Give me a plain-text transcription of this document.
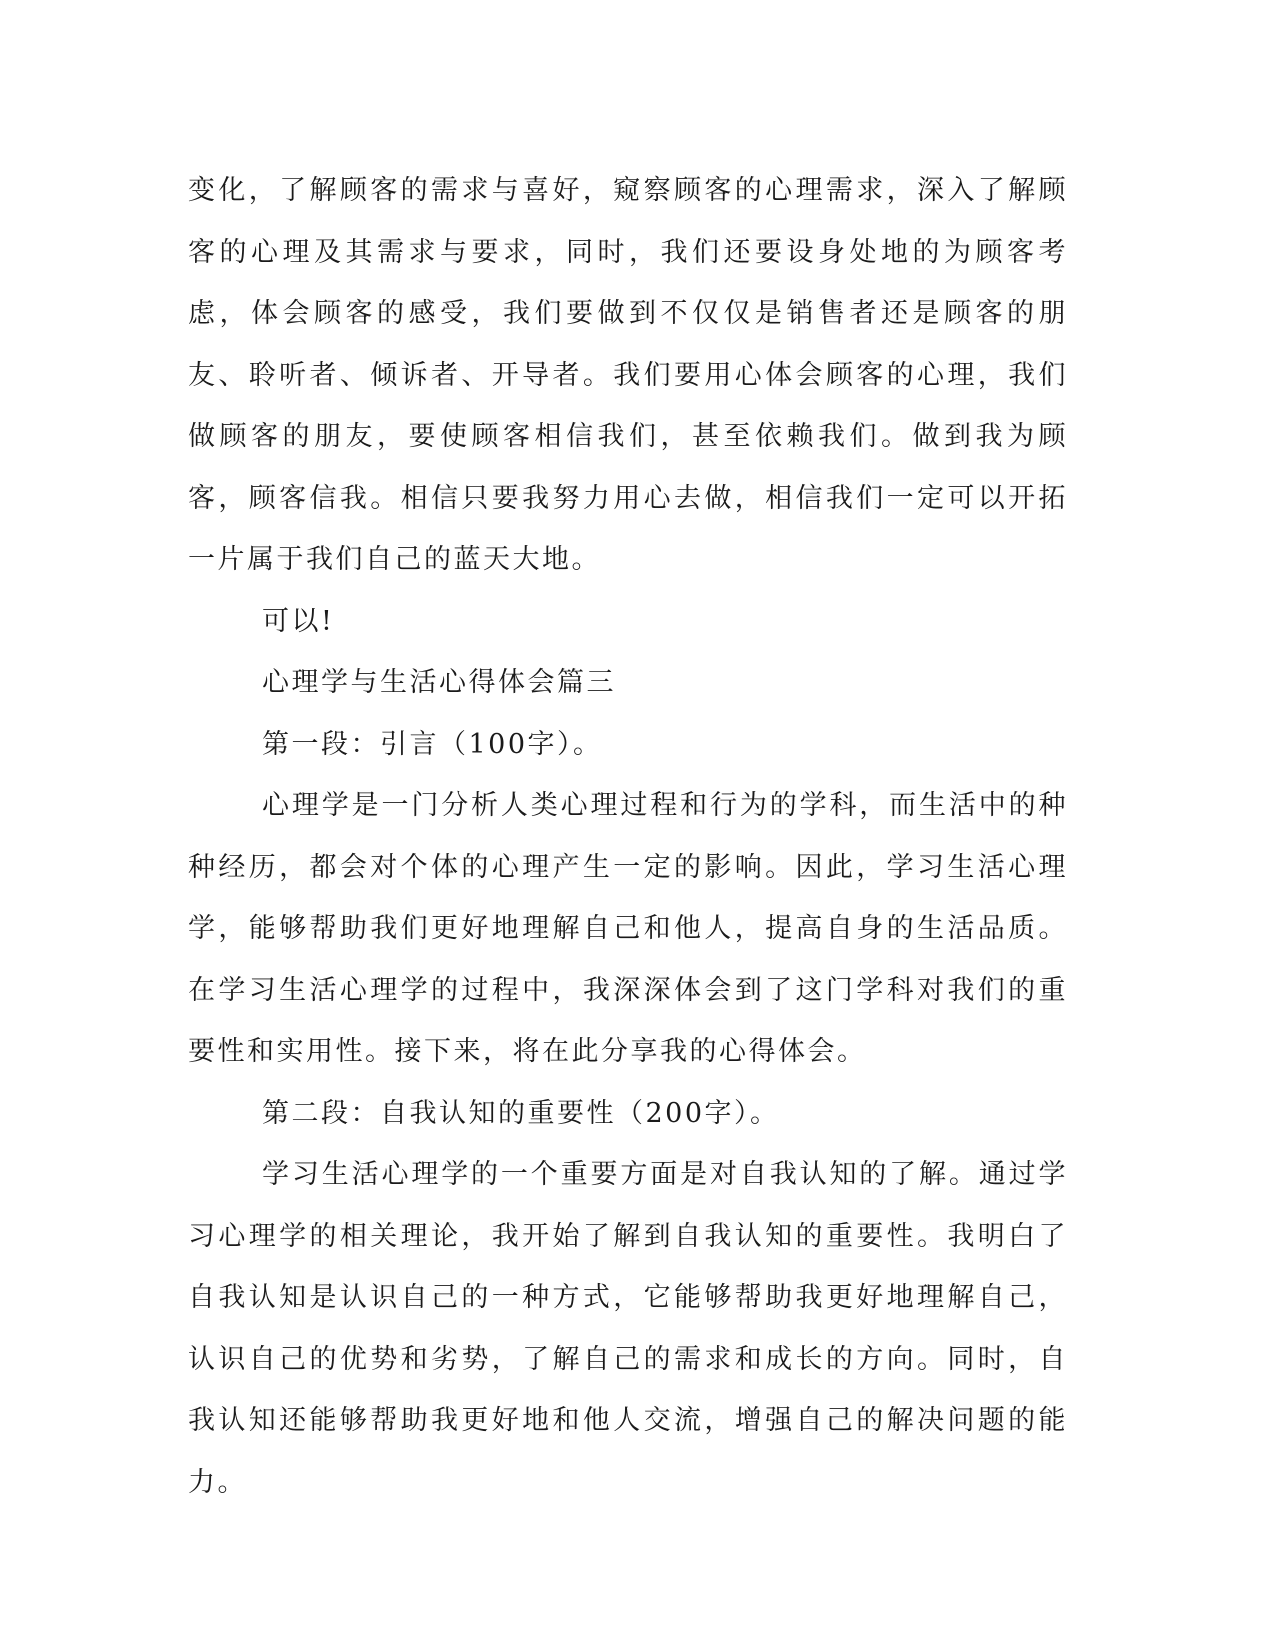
变化，了解顾客的需求与喜好，窥察顾客的心理需求，深入了解顾客的心理及其需求与要求，同时，我们还要设身处地的为顾客考虑，体会顾客的感受，我们要做到不仅仅是销售者还是顾客的朋友、聆听者、倾诉者、开导者。我们要用心体会顾客的心理，我们做顾客的朋友，要使顾客相信我们，甚至依赖我们。做到我为顾客，顾客信我。相信只要我努力用心去做，相信我们一定可以开拓一片属于我们自己的蓝天大地。

可以!

心理学与生活心得体会篇三

第一段：引言（100字）。

心理学是一门分析人类心理过程和行为的学科，而生活中的种种经历，都会对个体的心理产生一定的影响。因此，学习生活心理学，能够帮助我们更好地理解自己和他人，提高自身的生活品质。在学习生活心理学的过程中，我深深体会到了这门学科对我们的重要性和实用性。接下来，将在此分享我的心得体会。

第二段：自我认知的重要性（200字）。

学习生活心理学的一个重要方面是对自我认知的了解。通过学习心理学的相关理论，我开始了解到自我认知的重要性。我明白了自我认知是认识自己的一种方式，它能够帮助我更好地理解自己，认识自己的优势和劣势，了解自己的需求和成长的方向。同时，自我认知还能够帮助我更好地和他人交流，增强自己的解决问题的能力。
